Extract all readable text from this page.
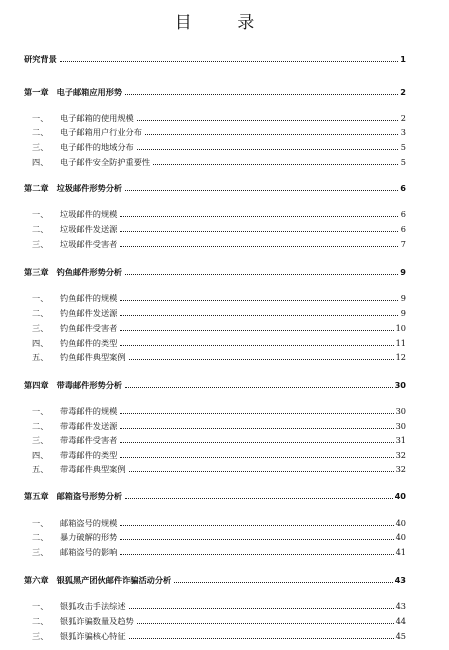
目 录
研究背景	1
第一章 电子邮箱应用形势	2
一、 电子邮箱的使用规模	2
二、 电子邮箱用户行业分布	3
三、 电子邮件的地域分布	5
四、 电子邮件安全防护重要性	5
第二章 垃圾邮件形势分析	6
一、 垃圾邮件的规模	6
二、 垃圾邮件发送源	6
三、 垃圾邮件受害者	7
第三章 钓鱼邮件形势分析	9
一、 钓鱼邮件的规模	9
二、 钓鱼邮件发送源	9
三、 钓鱼邮件受害者	10
四、 钓鱼邮件的类型	11
五、 钓鱼邮件典型案例	12
第四章 带毒邮件形势分析	30
一、 带毒邮件的规模	30
二、 带毒邮件发送源	30
三、 带毒邮件受害者	31
四、 带毒邮件的类型	32
五、 带毒邮件典型案例	32
第五章 邮箱盗号形势分析	40
一、 邮箱盗号的规模	40
二、 暴力破解的形势	40
三、 邮箱盗号的影响	41
第六章 银狐黑产团伙邮件诈骗活动分析	43
一、 银狐攻击手法综述	43
二、 银狐诈骗数量及趋势	44
三、 银狐诈骗核心特征	45
